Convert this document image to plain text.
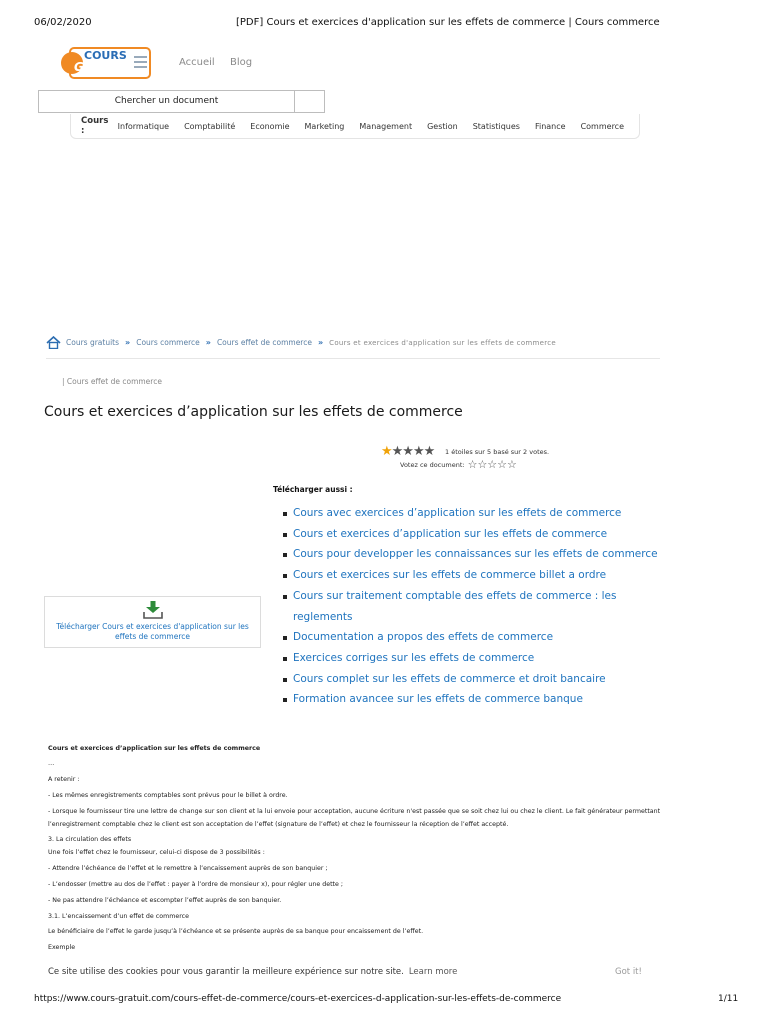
06/02/2020	[PDF] Cours et exercices d'application sur les effets de commerce | Cours commerce
COURS
Gratuit	Accueil Blog
Chercher un document
Cours :	Informatique Comptabilité Economie Marketing Management Gestion Statistiques Finance Commerce
Cours gratuits » Cours commerce » Cours effet de commerce » Cours et exercices d'application sur les effets de commerce
| Cours effet de commerce
Cours et exercices d’application sur les effets de commerce
★★★★★ 1 étoiles sur 5 basé sur 2 votes.
Votez ce document: ☆☆☆☆☆
Télécharger aussi :
Cours avec exercices d’application sur les effets de commerce
Cours et exercices d’application sur les effets de commerce
Cours pour developper les connaissances sur les effets de commerce
Cours et exercices sur les effets de commerce billet a ordre
Cours sur traitement comptable des effets de commerce : les reglements
Documentation a propos des effets de commerce
Exercices corriges sur les effets de commerce
Cours complet sur les effets de commerce et droit bancaire
Formation avancee sur les effets de commerce banque
Télécharger Cours et exercices d'application sur les effets de commerce
Cours et exercices d’application sur les effets de commerce
…
A retenir :
- Les mêmes enregistrements comptables sont prévus pour le billet à ordre.
- Lorsque le fournisseur tire une lettre de change sur son client et la lui envoie pour acceptation, aucune écriture n'est passée que se soit chez lui ou chez le client. Le fait générateur permettant
l’enregistrement comptable chez le client est son acceptation de l’effet (signature de l’effet) et chez le fournisseur la réception de l’effet accepté.
3. La circulation des effets
Une fois l’effet chez le fournisseur, celui-ci dispose de 3 possibilités :
- Attendre l’échéance de l’effet et le remettre à l’encaissement auprès de son banquier ;
- L’endosser (mettre au dos de l’effet : payer à l’ordre de monsieur x), pour régler une dette ;
- Ne pas attendre l’échéance et escompter l’effet auprès de son banquier.
3.1. L’encaissement d’un effet de commerce
Le bénéficiaire de l’effet le garde jusqu’à l’échéance et se présente auprès de sa banque pour encaissement de l’effet.
Exemple
Ce site utilise des cookies pour vous garantir la meilleure expérience sur notre site. Learn more	Got it!
https://www.cours-gratuit.com/cours-effet-de-commerce/cours-et-exercices-d-application-sur-les-effets-de-commerce	1/11
